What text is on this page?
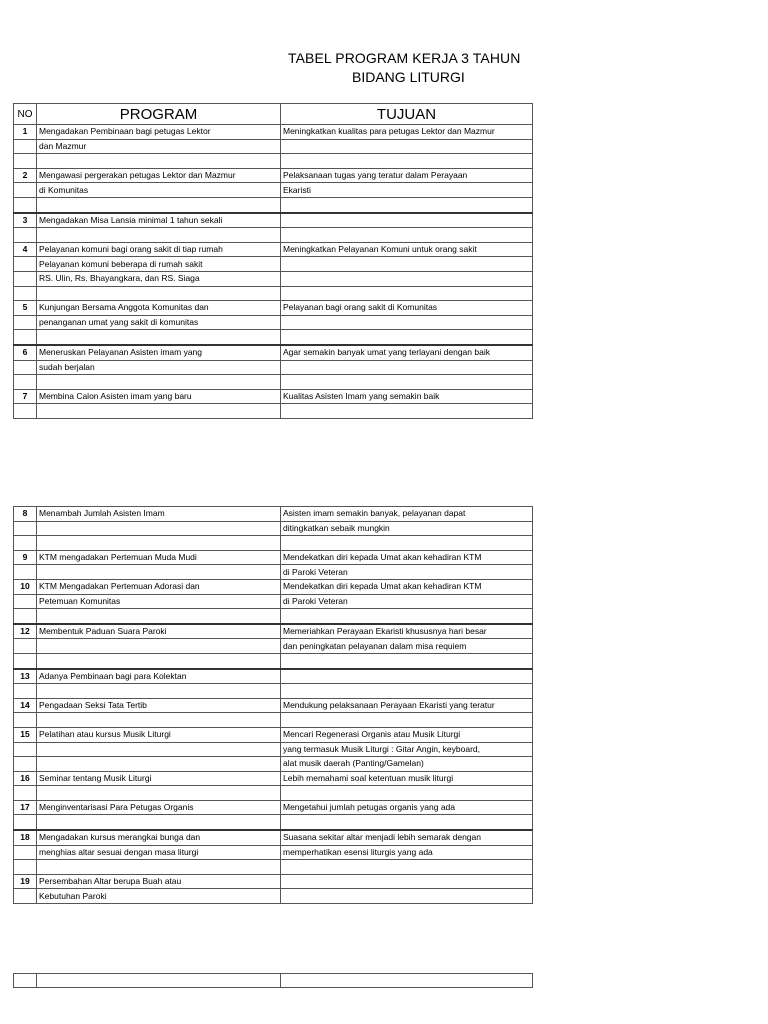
TABEL PROGRAM KERJA 3 TAHUN
BIDANG LITURGI
NO	PROGRAM	TUJUAN
1	Mengadakan Pembinaan bagi petugas Lektor	Meningkatkan kualitas para petugas Lektor dan Mazmur
	dan Mazmur	

2	Mengawasi pergerakan petugas Lektor dan Mazmur	Pelaksanaan tugas yang teratur dalam Perayaan
	di Komunitas	Ekaristi

3	Mengadakan Misa Lansia minimal 1 tahun sekali	

4	Pelayanan komuni bagi orang sakit di tiap rumah	Meningkatkan Pelayanan Komuni untuk orang sakit
	Pelayanan komuni beberapa di rumah sakit	
	RS. Ulin, Rs. Bhayangkara, dan RS. Siaga	

5	Kunjungan Bersama Anggota Komunitas dan	Pelayanan bagi orang sakit di Komunitas
	penanganan umat yang sakit di komunitas	

6	Meneruskan Pelayanan Asisten imam yang	Agar semakin banyak umat yang terlayani dengan baik
	sudah berjalan	

7	Membina Calon Asisten imam yang baru	Kualitas Asisten Imam yang semakin baik

8	Menambah Jumlah Asisten Imam	Asisten imam semakin banyak, pelayanan dapat
		ditingkatkan sebaik mungkin

9	KTM mengadakan Pertemuan Muda Mudi	Mendekatkan diri kepada Umat akan kehadiran KTM
		di Paroki Veteran
10	KTM Mengadakan Pertemuan Adorasi dan	Mendekatkan diri kepada Umat akan kehadiran KTM
	Petemuan Komunitas	di Paroki Veteran

12	Membentuk Paduan Suara Paroki	Memeriahkan Perayaan Ekaristi khususnya hari besar
		dan peningkatan pelayanan dalam misa requiem

13	Adanya Pembinaan bagi para Kolektan	

14	Pengadaan Seksi Tata Tertib	Mendukung pelaksanaan Perayaan Ekaristi yang teratur

15	Pelatihan atau kursus Musik Liturgi	Mencari Regenerasi Organis atau Musik Liturgi
		yang termasuk Musik Liturgi : Gitar Angin, keyboard,
		alat musik daerah (Panting/Gamelan)
16	Seminar tentang Musik Liturgi	Lebih memahami soal ketentuan musik liturgi

17	Menginventarisasi Para Petugas Organis	Mengetahui jumlah petugas organis yang ada

18	Mengadakan kursus merangkai bunga dan	Suasana sekitar altar menjadi lebih semarak dengan
	menghias altar sesuai dengan masa liturgi	memperhatikan esensi liturgis yang ada

19	Persembahan Altar berupa Buah atau	
	Kebutuhan Paroki	
